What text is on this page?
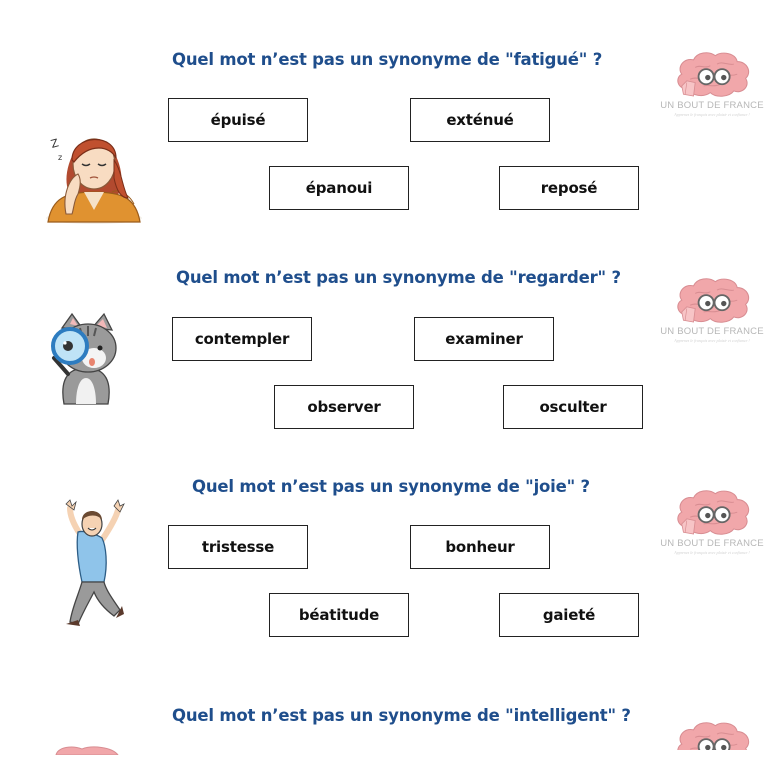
Quel mot n’est pas un synonyme de "fatigué" ?
Z
z
épuisé	exténué
épanoui	reposé
UN BOUT DE FRANCE
Apprenez le français avec plaisir et confiance !
Quel mot n’est pas un synonyme de "regarder" ?
contempler	examiner
observer	osculter
UN BOUT DE FRANCE
Apprenez le français avec plaisir et confiance !
Quel mot n’est pas un synonyme de "joie" ?
tristesse	bonheur
béatitude	gaieté
UN BOUT DE FRANCE
Apprenez le français avec plaisir et confiance !
Quel mot n’est pas un synonyme de "intelligent" ?
